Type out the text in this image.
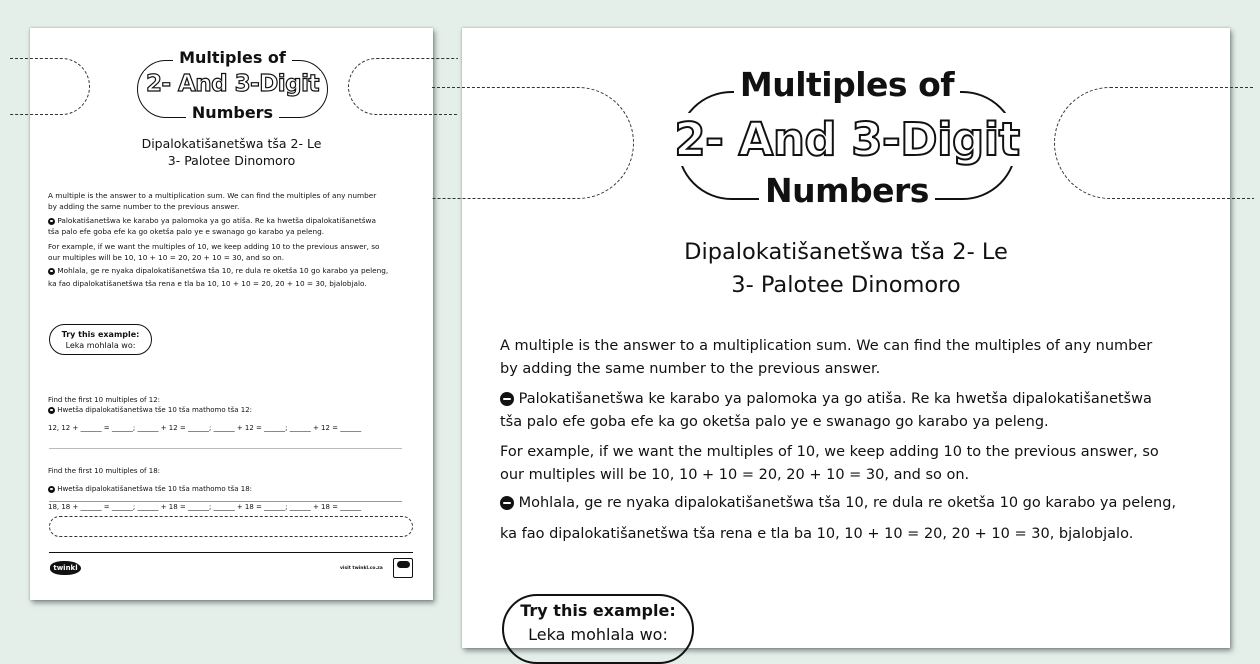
Multiples of
2- And 3-Digit
Numbers
Dipalokatišanetšwa tša 2- Le
3- Palotee Dinomoro

A multiple is the answer to a multiplication sum. We can find the multiples of any number

by adding the same number to the previous answer.

Palokatišanetšwa ke karabo ya palomoka ya go atiša. Re ka hwetša dipalokatišanetšwa

tša palo efe goba efe ka go oketša palo ye e swanago go karabo ya peleng.

For example, if we want the multiples of 10, we keep adding 10 to the previous answer, so

our multiples will be 10, 10 + 10 = 20, 20 + 10 = 30, and so on.

Mohlala, ge re nyaka dipalokatišanetšwa tša 10, re dula re oketša 10 go karabo ya peleng,

ka fao dipalokatišanetšwa tša rena e tla ba 10, 10 + 10 = 20, 20 + 10 = 30, bjalobjalo.

Try this example:
Leka mohlala wo:

Find the first 10 multiples of 12:

Hwetša dipalokatišanetšwa tše 10 tša mathomo tša 12:

12, 12 + ______ = ______; ______ + 12 = ______; ______ + 12 = ______; ______ + 12 = ______

Find the first 10 multiples of 18:

Hwetša dipalokatišanetšwa tše 10 tša mathomo tša 18:

18, 18 + ______ = ______; ______ + 18 = ______; ______ + 18 = ______; ______ + 18 = ______

twinkl	visit twinkl.co.za
Multiples of
2- And 3-Digit
Numbers
Dipalokatišanetšwa tša 2- Le
3- Palotee Dinomoro

A multiple is the answer to a multiplication sum. We can find the multiples of any number

by adding the same number to the previous answer.

Palokatišanetšwa ke karabo ya palomoka ya go atiša. Re ka hwetša dipalokatišanetšwa

tša palo efe goba efe ka go oketša palo ye e swanago go karabo ya peleng.

For example, if we want the multiples of 10, we keep adding 10 to the previous answer, so

our multiples will be 10, 10 + 10 = 20, 20 + 10 = 30, and so on.

Mohlala, ge re nyaka dipalokatišanetšwa tša 10, re dula re oketša 10 go karabo ya peleng,

ka fao dipalokatišanetšwa tša rena e tla ba 10, 10 + 10 = 20, 20 + 10 = 30, bjalobjalo.

Try this example:
Leka mohlala wo:
